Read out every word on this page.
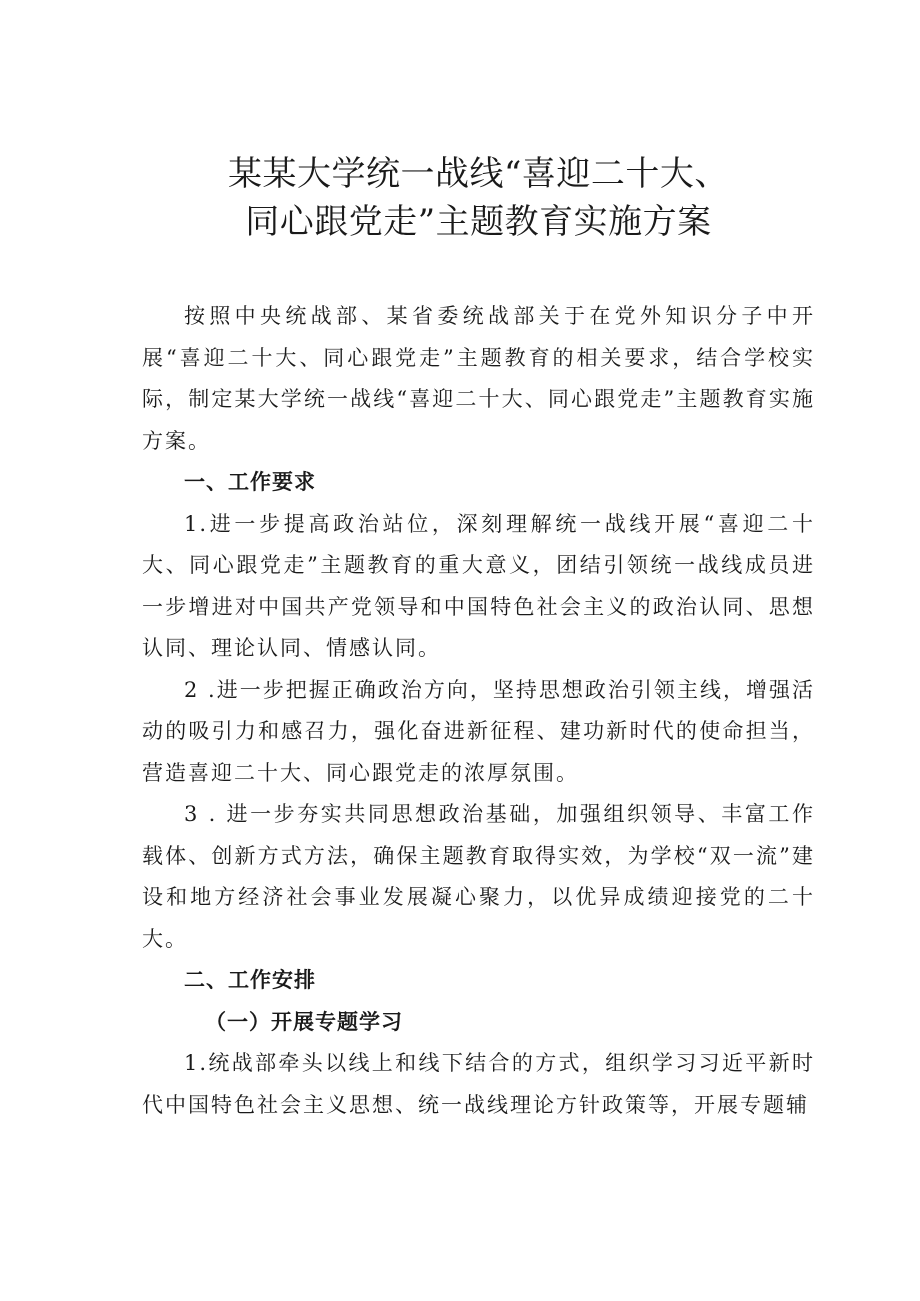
某某大学统一战线“喜迎二十大、
同心跟党走”主题教育实施方案

按照中央统战部、某省委统战部关于在党外知识分子中开展“喜迎二十大、同心跟党走”主题教育的相关要求，结合学校实际，制定某大学统一战线“喜迎二十大、同心跟党走”主题教育实施方案。

一、工作要求

1.进一步提高政治站位，深刻理解统一战线开展“喜迎二十大、同心跟党走”主题教育的重大意义，团结引领统一战线成员进一步增进对中国共产党领导和中国特色社会主义的政治认同、思想认同、理论认同、情感认同。

2 .进一步把握正确政治方向，坚持思想政治引领主线，增强活动的吸引力和感召力，强化奋进新征程、建功新时代的使命担当，营造喜迎二十大、同心跟党走的浓厚氛围。

3 . 进一步夯实共同思想政治基础，加强组织领导、丰富工作载体、创新方式方法，确保主题教育取得实效，为学校“双一流”建设和地方经济社会事业发展凝心聚力，以优异成绩迎接党的二十大。

二、工作安排

（一）开展专题学习

1.统战部牵头以线上和线下结合的方式，组织学习习近平新时代中国特色社会主义思想、统一战线理论方针政策等，开展专题辅
